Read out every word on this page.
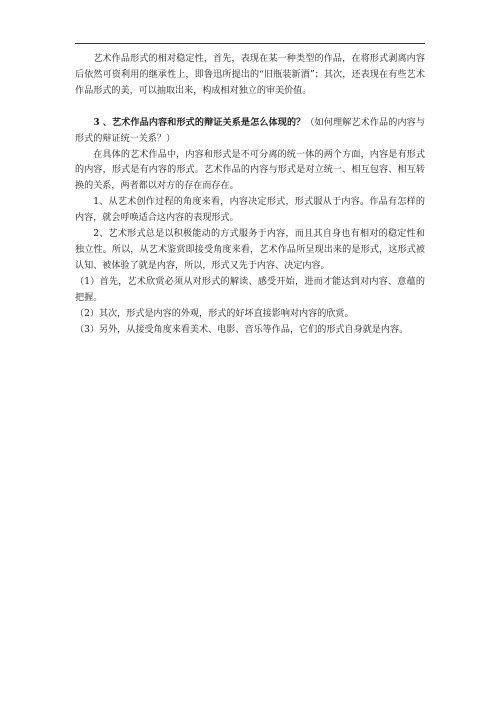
艺术作品形式的相对稳定性，首先，表现在某一种类型的作品，在将形式剥离内容后依然可资利用的继承性上，即鲁迅所提出的“旧瓶装新酒”；其次，还表现在有些艺术作品形式的美，可以抽取出来，构成相对独立的审美价值。

3 、艺术作品内容和形式的辩证关系是怎么体现的？（如何理解艺术作品的内容与形式的辩证统一关系？）

在具体的艺术作品中，内容和形式是不可分离的统一体的两个方面，内容是有形式的内容，形式是有内容的形式。艺术作品的内容与形式是对立统一、相互包容、相互转换的关系，两者都以对方的存在而存在。

1、从艺术创作过程的角度来看，内容决定形式，形式服从于内容。作品有怎样的内容，就会呼唤适合这内容的表现形式。

2、艺术形式总是以积极能动的方式服务于内容，而且其自身也有相对的稳定性和独立性。所以，从艺术鉴赏即接受角度来看，艺术作品所呈现出来的是形式，这形式被认知、被体验了就是内容，所以，形式又先于内容、决定内容。

（1）首先，艺术欣赏必须从对形式的解读、感受开始，进而才能达到对内容、意蕴的把握。

（2）其次，形式是内容的外观，形式的好坏直接影响对内容的欣赏。

（3）另外，从接受角度来看美术、电影、音乐等作品，它们的形式自身就是内容。
